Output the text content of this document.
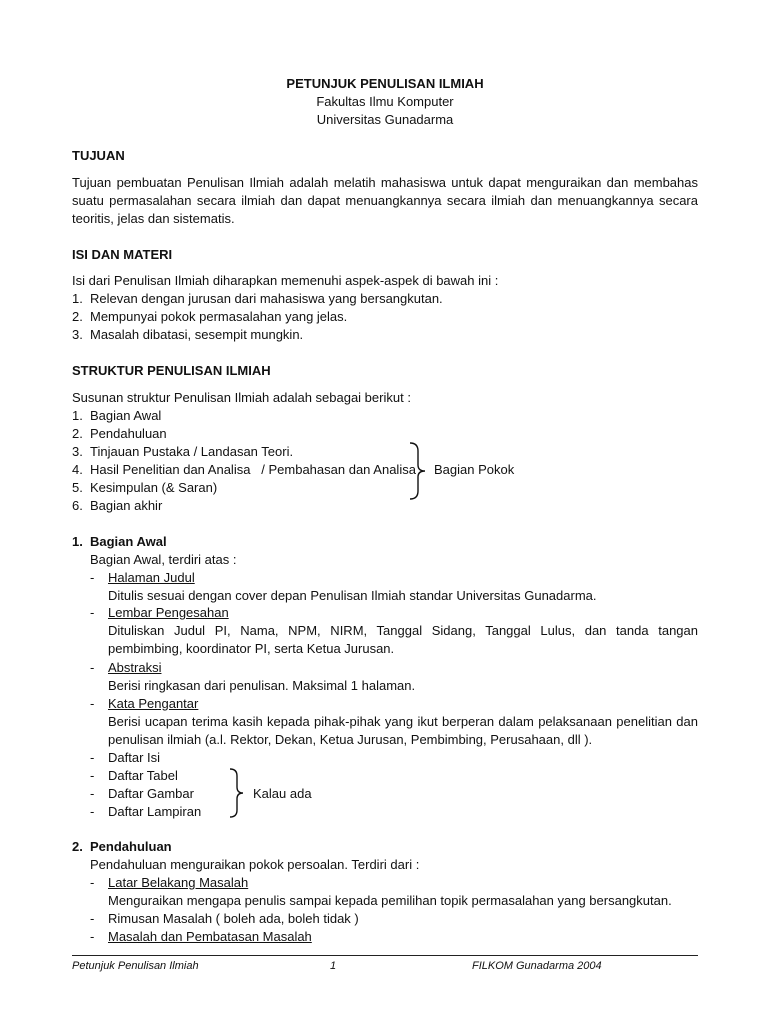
PETUNJUK PENULISAN ILMIAH
Fakultas Ilmu Komputer
Universitas Gunadarma
TUJUAN
Tujuan pembuatan Penulisan Ilmiah adalah melatih mahasiswa untuk dapat menguraikan dan membahas suatu permasalahan secara ilmiah dan dapat menuangkannya secara ilmiah dan menuangkannya secara teoritis, jelas dan sistematis.
ISI DAN MATERI
Isi dari Penulisan Ilmiah diharapkan memenuhi aspek-aspek di bawah ini :
1. Relevan dengan jurusan dari mahasiswa yang bersangkutan.
2. Mempunyai pokok permasalahan yang jelas.
3. Masalah dibatasi, sesempit mungkin.
STRUKTUR PENULISAN ILMIAH
Susunan struktur Penulisan Ilmiah adalah sebagai berikut :
1. Bagian Awal
2. Pendahuluan
3. Tinjauan Pustaka / Landasan Teori.
4. Hasil Penelitian dan Analisa   / Pembahasan dan Analisa
5. Kesimpulan (& Saran)
6. Bagian akhir
Bagian Pokok
1. Bagian Awal
Bagian Awal, terdiri atas :
- Halaman Judul
Ditulis sesuai dengan cover depan Penulisan Ilmiah standar Universitas Gunadarma.
- Lembar Pengesahan
Dituliskan Judul PI, Nama, NPM, NIRM, Tanggal Sidang, Tanggal Lulus, dan tanda tangan pembimbing, koordinator PI, serta Ketua Jurusan.
- Abstraksi
Berisi ringkasan dari penulisan. Maksimal 1 halaman.
- Kata Pengantar
Berisi ucapan terima kasih kepada pihak-pihak yang ikut berperan dalam pelaksanaan penelitian dan penulisan ilmiah (a.l. Rektor, Dekan, Ketua Jurusan, Pembimbing, Perusahaan, dll ).
- Daftar Isi
- Daftar Tabel
- Daftar Gambar
- Daftar Lampiran
Kalau ada
2. Pendahuluan
Pendahuluan menguraikan pokok persoalan. Terdiri dari :
- Latar Belakang Masalah
Menguraikan mengapa penulis sampai kepada pemilihan topik permasalahan yang bersangkutan.
- Rimusan Masalah ( boleh ada, boleh tidak )
- Masalah dan Pembatasan Masalah
Petunjuk Penulisan Ilmiah	1	FILKOM Gunadarma 2004
